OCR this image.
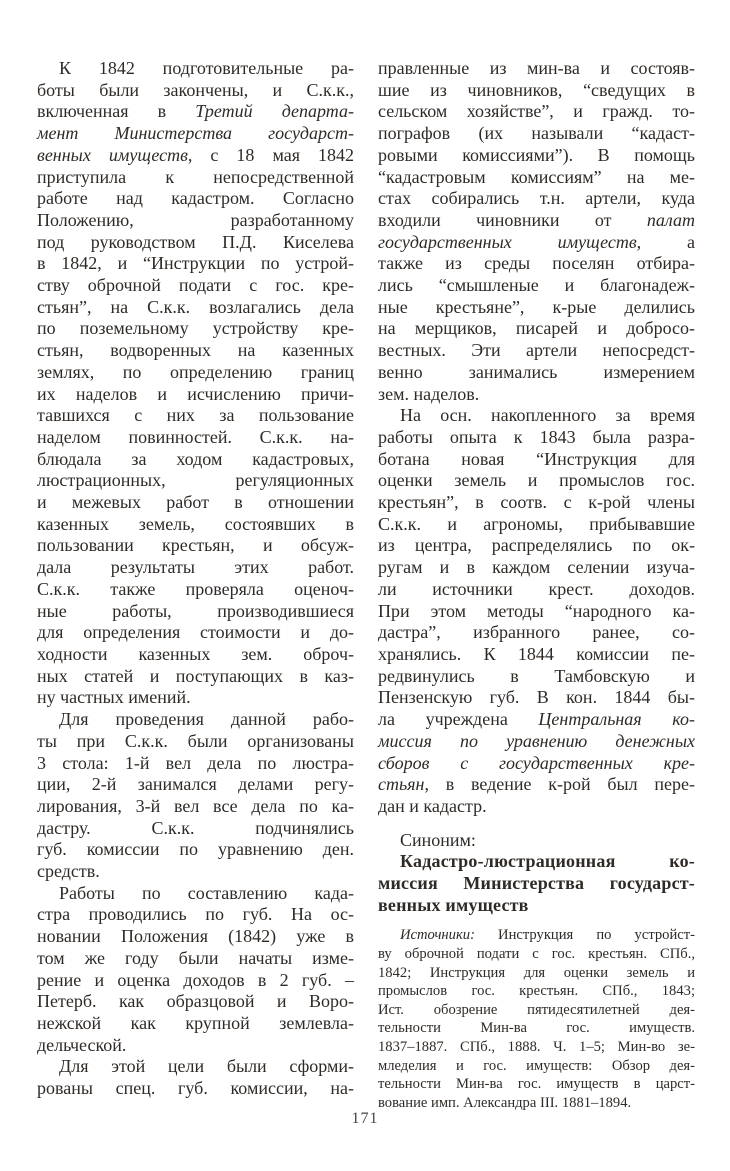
К 1842 подготовительные ра-
боты были закончены, и С.к.к.,
включенная в Третий департа-
мент Министерства государст-
венных имуществ, с 18 мая 1842
приступила к непосредственной
работе над кадастром. Согласно
Положению, разработанному
под руководством П.Д. Киселева
в 1842, и “Инструкции по устрой-
ству оброчной подати с гос. кре-
стьян”, на С.к.к. возлагались дела
по поземельному устройству кре-
стьян, водворенных на казенных
землях, по определению границ
их наделов и исчислению причи-
тавшихся с них за пользование
наделом повинностей. С.к.к. на-
блюдала за ходом кадастровых,
люстрационных, регуляционных
и межевых работ в отношении
казенных земель, состоявших в
пользовании крестьян, и обсуж-
дала результаты этих работ.
С.к.к. также проверяла оценоч-
ные работы, производившиеся
для определения стоимости и до-
ходности казенных зем. оброч-
ных статей и поступающих в каз-
ну частных имений.
Для проведения данной рабо-
ты при С.к.к. были организованы
3 стола: 1-й вел дела по люстра-
ции, 2-й занимался делами регу-
лирования, 3-й вел все дела по ка-
дастру. С.к.к. подчинялись
губ. комиссии по уравнению ден.
средств.
Работы по составлению када-
стра проводились по губ. На ос-
новании Положения (1842) уже в
том же году были начаты изме-
рение и оценка доходов в 2 губ. –
Петерб. как образцовой и Воро-
нежской как крупной землевла-
дельческой.
Для этой цели были сформи-
рованы спец. губ. комиссии, на-
правленные из мин-ва и состояв-
шие из чиновников, “сведущих в
сельском хозяйстве”, и гражд. то-
пографов (их называли “кадаст-
ровыми комиссиями”). В помощь
“кадастровым комиссиям” на ме-
стах собирались т.н. артели, куда
входили чиновники от палат
государственных имуществ, а
также из среды поселян отбира-
лись “смышленые и благонадеж-
ные крестьяне”, к-рые делились
на мерщиков, писарей и добросо-
вестных. Эти артели непосредст-
венно занимались измерением
зем. наделов.
На осн. накопленного за время
работы опыта к 1843 была разра-
ботана новая “Инструкция для
оценки земель и промыслов гос.
крестьян”, в соотв. с к-рой члены
С.к.к. и агрономы, прибывавшие
из центра, распределялись по ок-
ругам и в каждом селении изуча-
ли источники крест. доходов.
При этом методы “народного ка-
дастра”, избранного ранее, со-
хранялись. К 1844 комиссии пе-
редвинулись в Тамбовскую и
Пензенскую губ. В кон. 1844 бы-
ла учреждена Центральная ко-
миссия по уравнению денежных
сборов с государственных кре-
стьян, в ведение к-рой был пере-
дан и кадастр.
Синоним:
Кадастро-люстрационная ко-
миссия Министерства государст-
венных имуществ
Источники: Инструкция по устройст-
ву оброчной подати с гос. крестьян. СПб.,
1842; Инструкция для оценки земель и
промыслов гос. крестьян. СПб., 1843;
Ист. обозрение пятидесятилетней дея-
тельности Мин-ва гос. имуществ.
1837–1887. СПб., 1888. Ч. 1–5; Мин-во зе-
мледелия и гос. имуществ: Обзор дея-
тельности Мин-ва гос. имуществ в царст-
вование имп. Александра III. 1881–1894.
171
